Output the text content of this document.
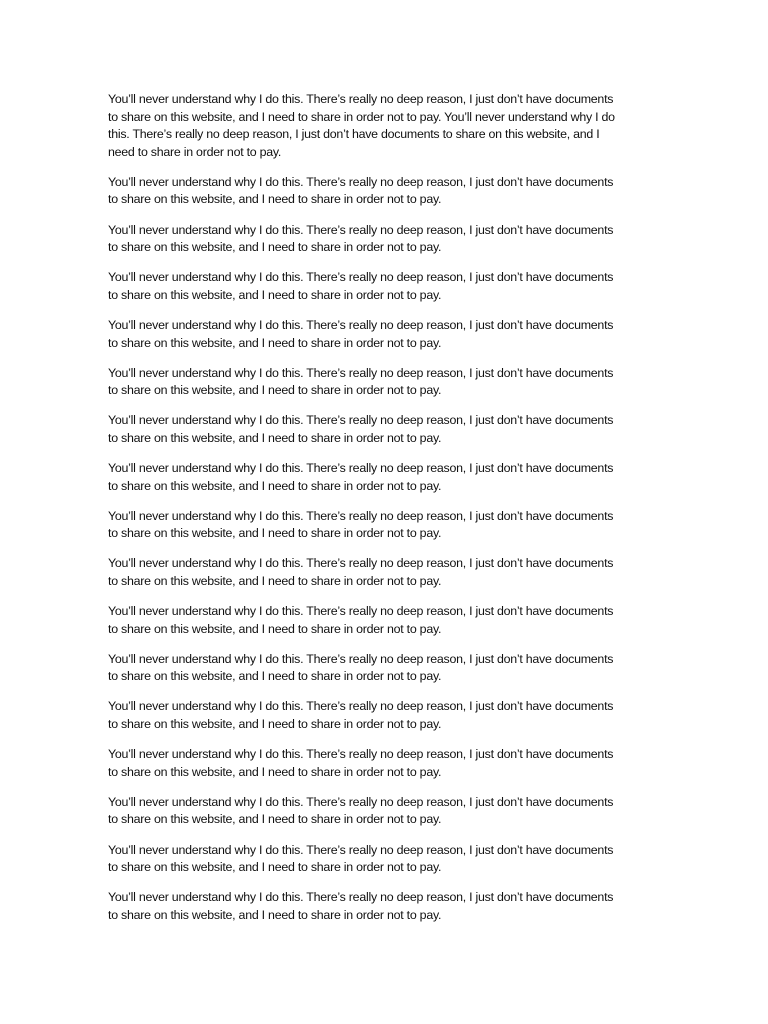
You’ll never understand why I do this. There’s really no deep reason, I just don’t have documents
to share on this website, and I need to share in order not to pay. You’ll never understand why I do
this. There’s really no deep reason, I just don’t have documents to share on this website, and I
need to share in order not to pay.

You’ll never understand why I do this. There’s really no deep reason, I just don’t have documents
to share on this website, and I need to share in order not to pay.

You’ll never understand why I do this. There’s really no deep reason, I just don’t have documents
to share on this website, and I need to share in order not to pay.

You’ll never understand why I do this. There’s really no deep reason, I just don’t have documents
to share on this website, and I need to share in order not to pay.

You’ll never understand why I do this. There’s really no deep reason, I just don’t have documents
to share on this website, and I need to share in order not to pay.

You’ll never understand why I do this. There’s really no deep reason, I just don’t have documents
to share on this website, and I need to share in order not to pay.

You’ll never understand why I do this. There’s really no deep reason, I just don’t have documents
to share on this website, and I need to share in order not to pay.

You’ll never understand why I do this. There’s really no deep reason, I just don’t have documents
to share on this website, and I need to share in order not to pay.

You’ll never understand why I do this. There’s really no deep reason, I just don’t have documents
to share on this website, and I need to share in order not to pay.

You’ll never understand why I do this. There’s really no deep reason, I just don’t have documents
to share on this website, and I need to share in order not to pay.

You’ll never understand why I do this. There’s really no deep reason, I just don’t have documents
to share on this website, and I need to share in order not to pay.

You’ll never understand why I do this. There’s really no deep reason, I just don’t have documents
to share on this website, and I need to share in order not to pay.

You’ll never understand why I do this. There’s really no deep reason, I just don’t have documents
to share on this website, and I need to share in order not to pay.

You’ll never understand why I do this. There’s really no deep reason, I just don’t have documents
to share on this website, and I need to share in order not to pay.

You’ll never understand why I do this. There’s really no deep reason, I just don’t have documents
to share on this website, and I need to share in order not to pay.

You’ll never understand why I do this. There’s really no deep reason, I just don’t have documents
to share on this website, and I need to share in order not to pay.

You’ll never understand why I do this. There’s really no deep reason, I just don’t have documents
to share on this website, and I need to share in order not to pay.
